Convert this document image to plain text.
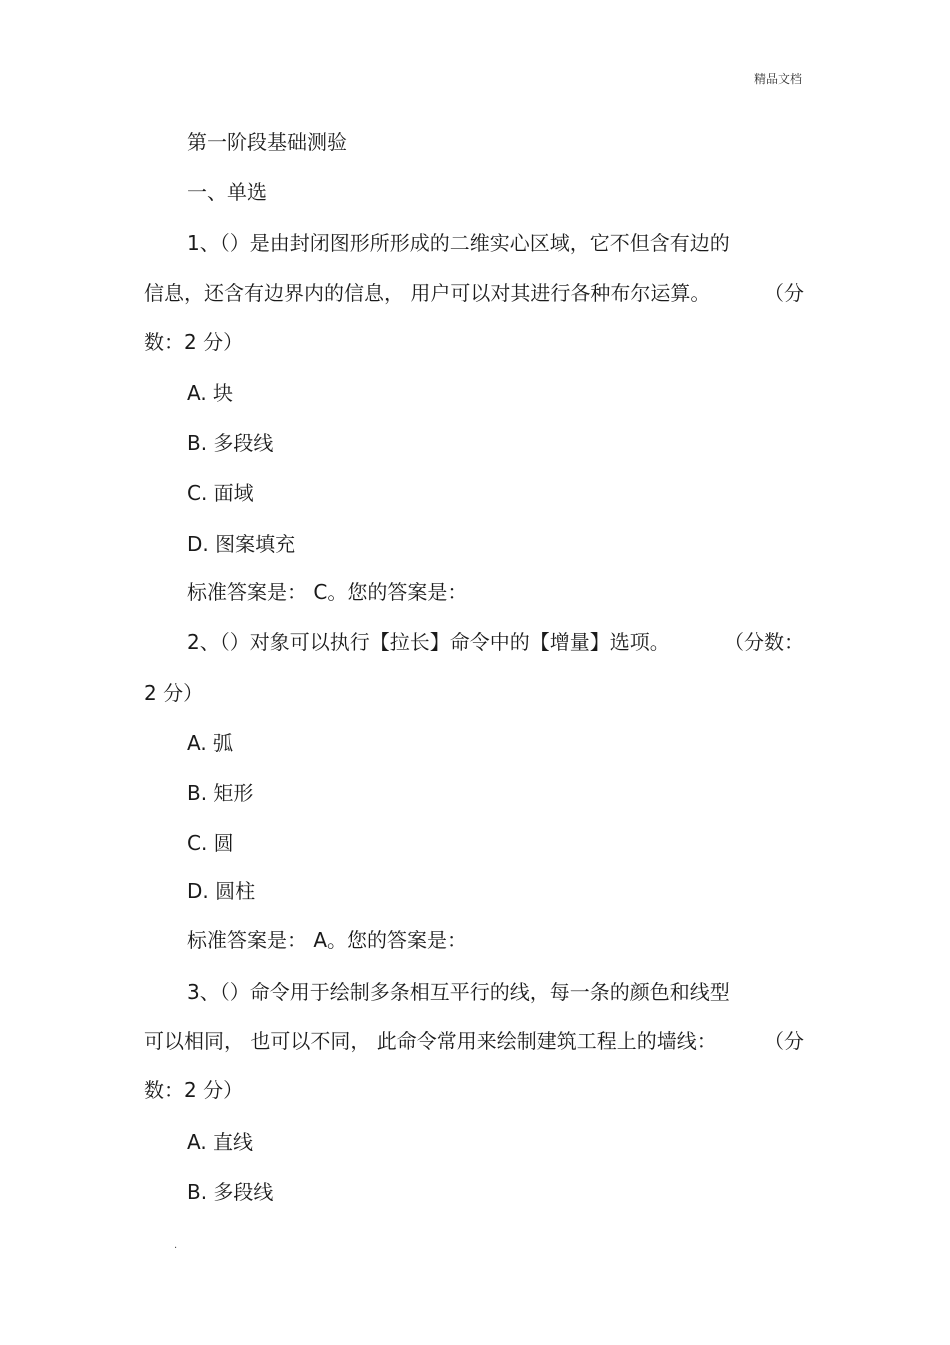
精品文档
第一阶段基础测验
一、单选
1、（）是由封闭图形所形成的二维实心区域，它不但含有边的
信息，还含有边界内的信息， 用户可以对其进行各种布尔运算。	（分
数：2 分）
A. 块
B. 多段线
C. 面域
D. 图案填充
标准答案是： C。您的答案是：
2、（）对象可以执行【拉长】命令中的【增量】选项。	（分数：
2 分）
A. 弧
B. 矩形
C. 圆
D. 圆柱
标准答案是： A。您的答案是：
3、（）命令用于绘制多条相互平行的线，每一条的颜色和线型
可以相同， 也可以不同， 此命令常用来绘制建筑工程上的墙线： （分
数：2 分）
A. 直线
B. 多段线
.
